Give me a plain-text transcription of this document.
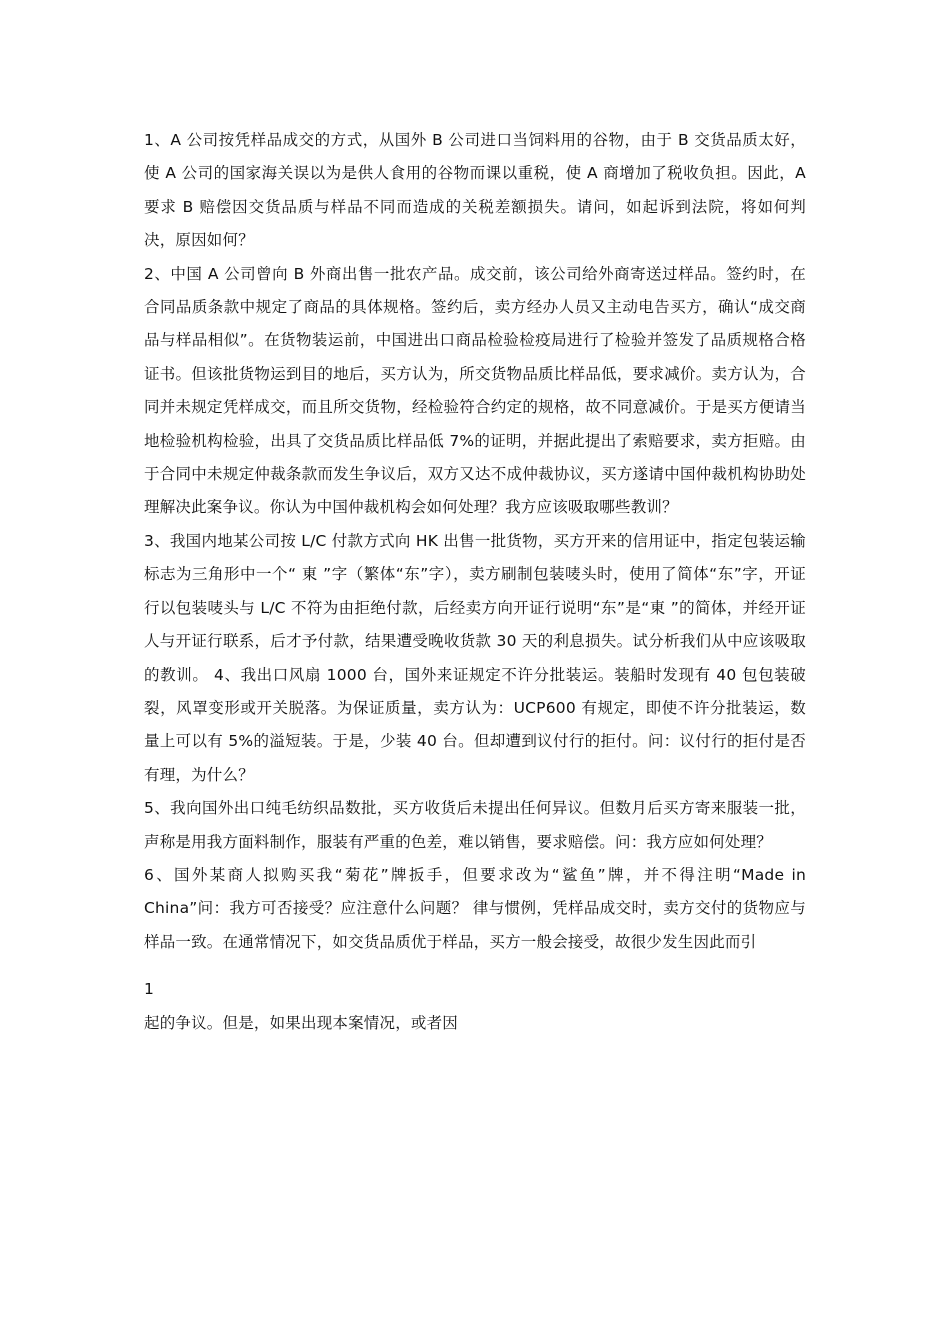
1、A 公司按凭样品成交的方式，从国外 B 公司进口当饲料用的谷物，由于 B 交货品质太好，使 A 公司的国家海关误以为是供人食用的谷物而课以重税，使 A 商增加了税收负担。因此，A 要求 B 赔偿因交货品质与样品不同而造成的关税差额损失。请问，如起诉到法院，将如何判决，原因如何？

2、中国 A 公司曾向 B 外商出售一批农产品。成交前，该公司给外商寄送过样品。签约时，在合同品质条款中规定了商品的具体规格。签约后，卖方经办人员又主动电告买方，确认“成交商品与样品相似”。在货物装运前，中国进出口商品检验检疫局进行了检验并签发了品质规格合格证书。但该批货物运到目的地后，买方认为，所交货物品质比样品低，要求减价。卖方认为，合同并未规定凭样成交，而且所交货物，经检验符合约定的规格，故不同意减价。于是买方便请当地检验机构检验，出具了交货品质比样品低 7%的证明，并据此提出了索赔要求，卖方拒赔。由于合同中未规定仲裁条款而发生争议后，双方又达不成仲裁协议，买方遂请中国仲裁机构协助处理解决此案争议。你认为中国仲裁机构会如何处理？我方应该吸取哪些教训？

3、我国内地某公司按 L/C 付款方式向 HK 出售一批货物，买方开来的信用证中，指定包装运输标志为三角形中一个“ 東 ”字（繁体“东”字），卖方刷制包装唛头时，使用了简体“东”字，开证行以包装唛头与 L/C 不符为由拒绝付款，后经卖方向开证行说明“东”是“東 ”的简体，并经开证人与开证行联系，后才予付款，结果遭受晚收货款 30 天的利息损失。试分析我们从中应该吸取的教训。 4、我出口风扇 1000 台，国外来证规定不许分批装运。装船时发现有 40 包包装破裂，风罩变形或开关脱落。为保证质量，卖方认为：UCP600 有规定，即使不许分批装运，数量上可以有 5%的溢短装。于是，少装 40 台。但却遭到议付行的拒付。问：议付行的拒付是否有理，为什么？

5、我向国外出口纯毛纺织品数批，买方收货后未提出任何异议。但数月后买方寄来服装一批，声称是用我方面料制作，服装有严重的色差，难以销售，要求赔偿。问：我方应如何处理？

6、国外某商人拟购买我“菊花”牌扳手，但要求改为“鲨鱼”牌，并不得注明“Made in China”问：我方可否接受？应注意什么问题？ 律与惯例，凭样品成交时，卖方交付的货物应与样品一致。在通常情况下，如交货品质优于样品，买方一般会接受，故很少发生因此而引

1

起的争议。但是，如果出现本案情况，或者因
